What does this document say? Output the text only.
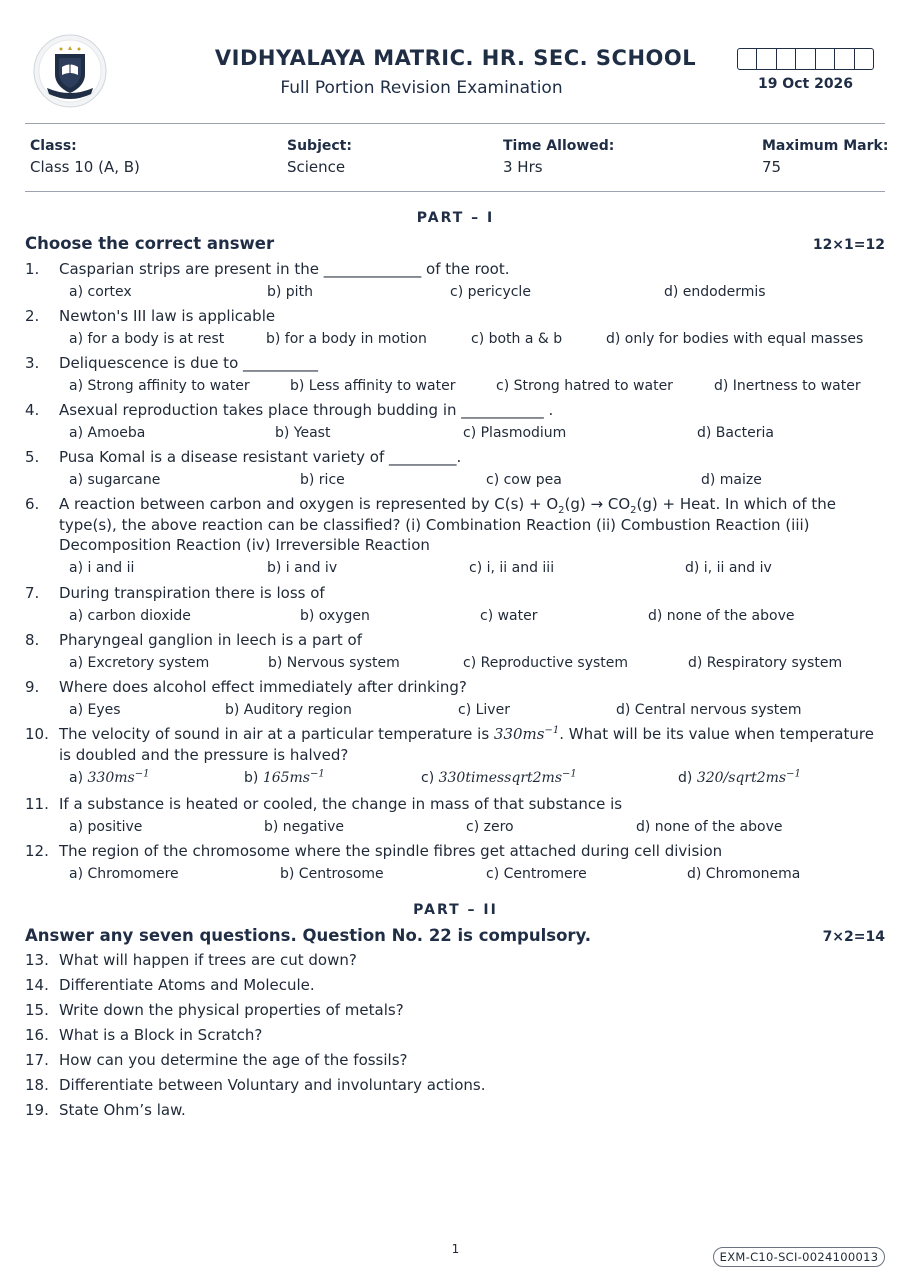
VIDHYALAYA MATRIC. HR. SEC. SCHOOL
Full Portion Revision Examination	19 Oct 2026
Class:
Class 10 (A, B)
Subject:
Science
Time Allowed:
3 Hrs
Maximum Mark:
75
PART – I
Choose the correct answer	12×1=12
1.	Casparian strips are present in the _____________ of the root.
a) cortex	b) pith	c) pericycle	d) endodermis
2.	Newton's III law is applicable
a) for a body is at rest	b) for a body in motion	c) both a & b	d) only for bodies with equal masses
3.	Deliquescence is due to __________
a) Strong affinity to water	b) Less affinity to water	c) Strong hatred to water	d) Inertness to water
4.	Asexual reproduction takes place through budding in ___________ .
a) Amoeba	b) Yeast	c) Plasmodium	d) Bacteria
5.	Pusa Komal is a disease resistant variety of _________.
a) sugarcane	b) rice	c) cow pea	d) maize
6.	A reaction between carbon and oxygen is represented by $C(s) + O_2(g) \to CO_2(g)$ + Heat. In which of the type(s), the above reaction can be classified? (i) Combination Reaction (ii) Combustion Reaction (iii) Decomposition Reaction (iv) Irreversible Reaction
a) i and ii	b) i and iv	c) i, ii and iii	d) i, ii and iv
7.	During transpiration there is loss of
a) carbon dioxide	b) oxygen	c) water	d) none of the above
8.	Pharyngeal ganglion in leech is a part of
a) Excretory system	b) Nervous system	c) Reproductive system	d) Respiratory system
9.	Where does alcohol effect immediately after drinking?
a) Eyes	b) Auditory region	c) Liver	d) Central nervous system
10. The velocity of sound in air at a particular temperature is $330ms^{-1}$. What will be its value when temperature is doubled and the pressure is halved?
a) $330ms^{-1}$	b) $165ms^{-1}$	c) $330timessqrt2ms^{-1}$	d) $320/sqrt2ms^{-1}$
11. If a substance is heated or cooled, the change in mass of that substance is
a) positive	b) negative	c) zero	d) none of the above
12. The region of the chromosome where the spindle fibres get attached during cell division
a) Chromomere	b) Centrosome	c) Centromere	d) Chromonema
PART – II
Answer any seven questions. Question No. 22 is compulsory.	7×2=14
13. What will happen if trees are cut down?
14. Differentiate Atoms and Molecule.
15. Write down the physical properties of metals?
16. What is a Block in Scratch?
17. How can you determine the age of the fossils?
18. Differentiate between Voluntary and involuntary actions.
19. State Ohm’s law.
1
EXM-C10-SCI-0024100013
